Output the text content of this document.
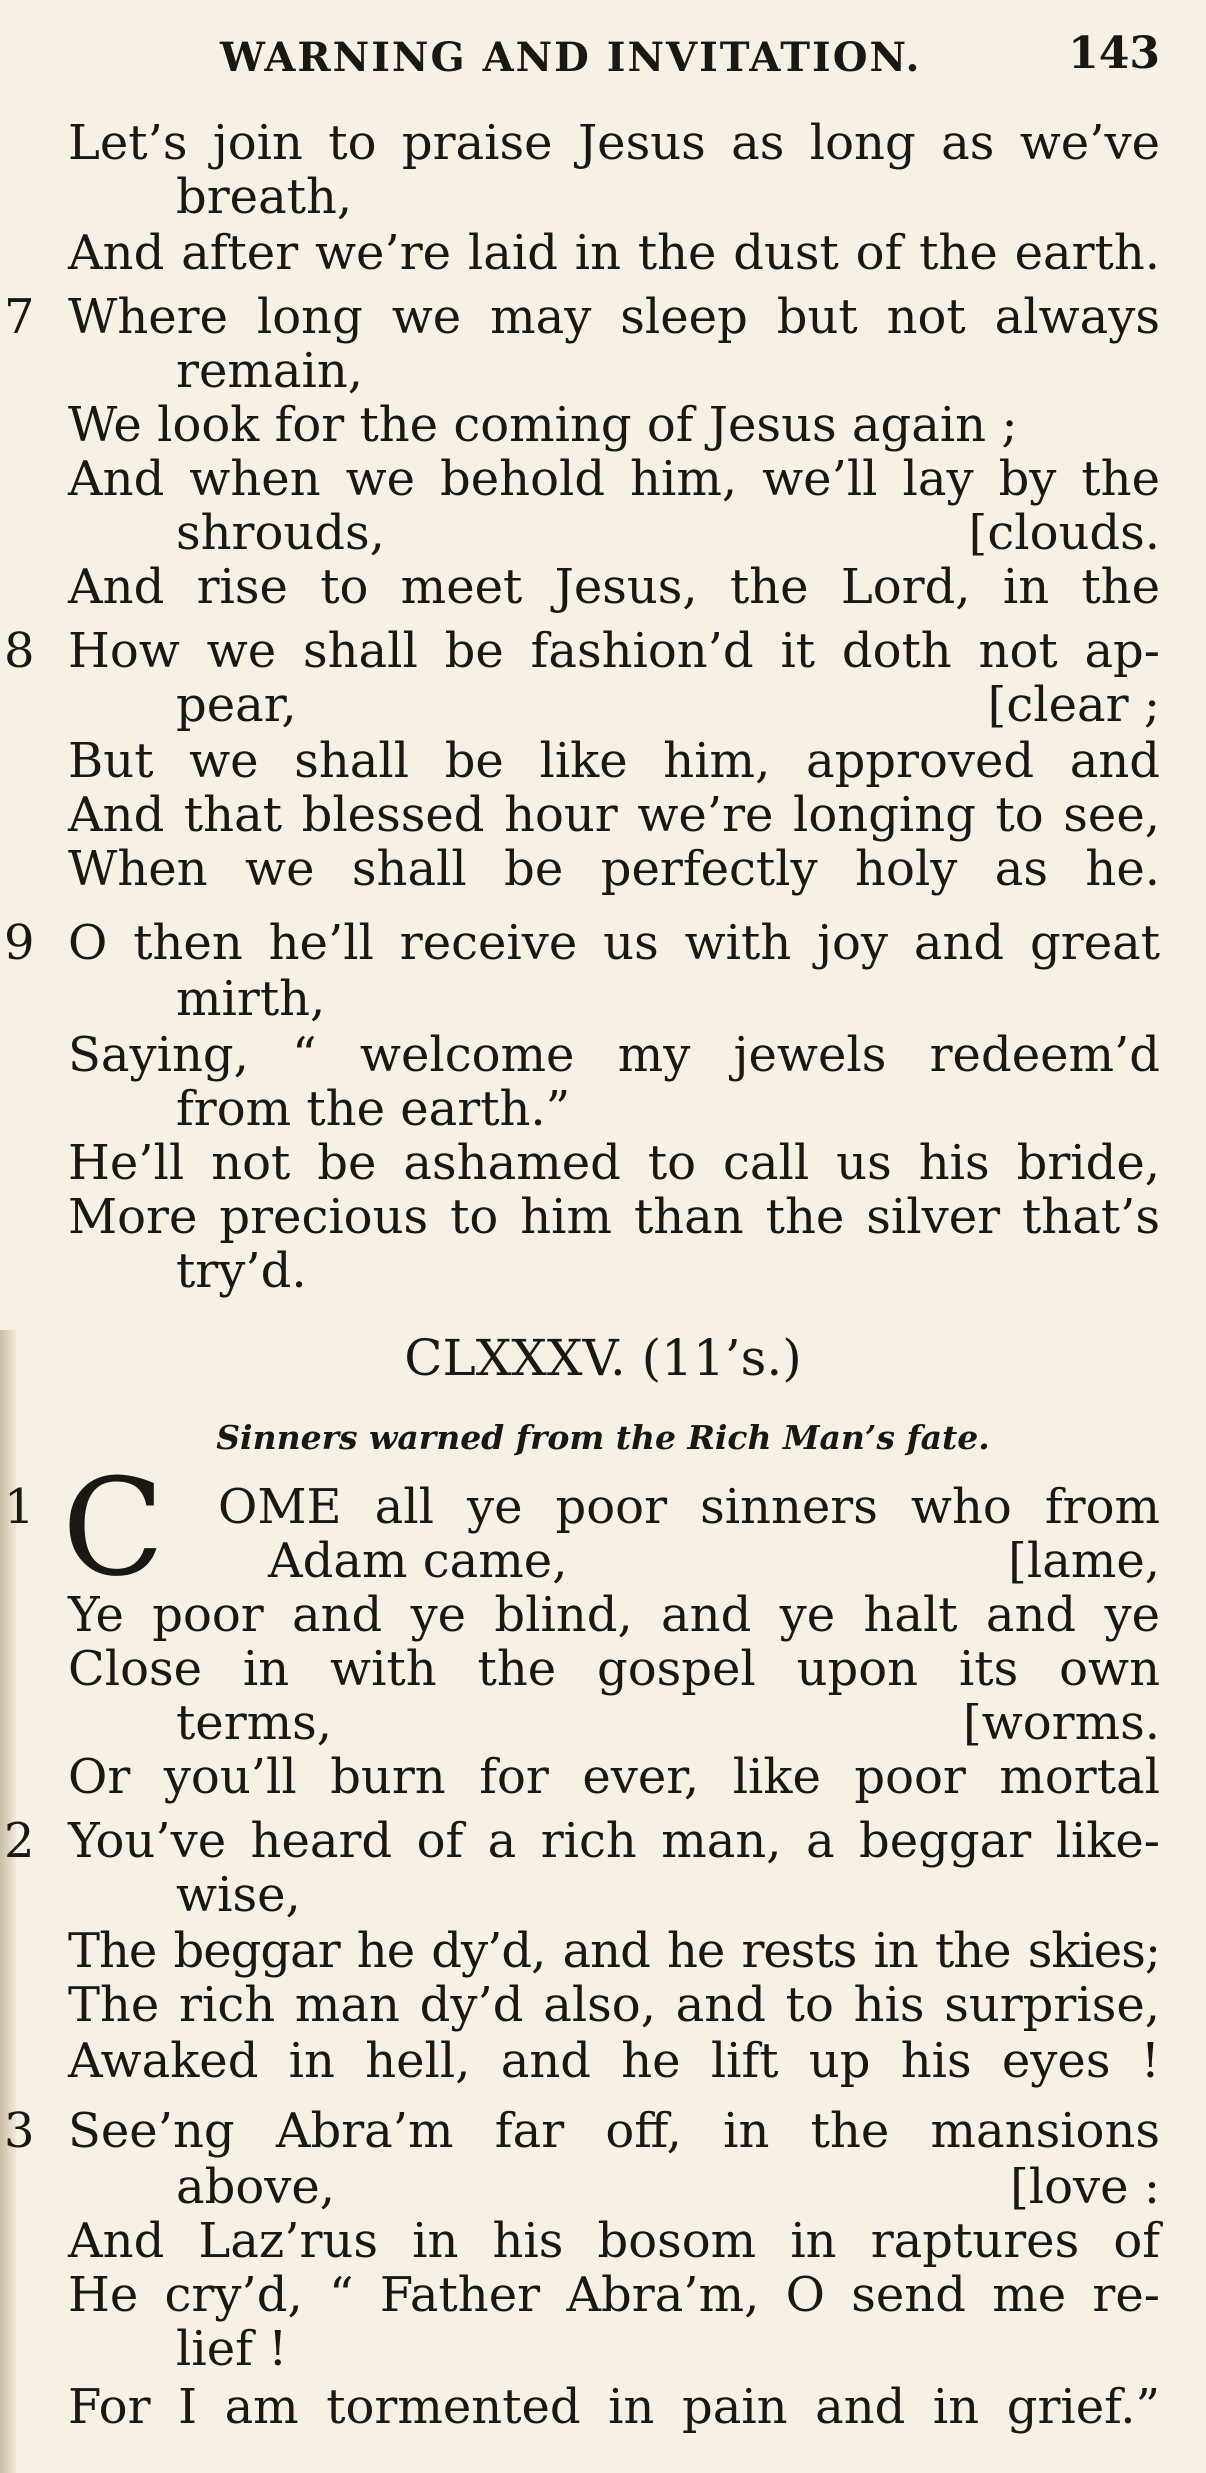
WARNING AND INVITATION.	143
Let’s join to praise Jesus as long as we’ve
breath,
And after we’re laid in the dust of the earth.
7 Where long we may sleep but not always
remain,
We look for the coming of Jesus again ;
And when we behold him, we’ll lay by the
shrouds,	[clouds.
And rise to meet Jesus, the Lord, in the
8 How we shall be fashion’d it doth not ap-
pear,	[clear ;
But we shall be like him, approved and
And that blessed hour we’re longing to see,
When we shall be perfectly holy as he.
9 O then he’ll receive us with joy and great
mirth,
Saying, “ welcome my jewels redeem’d
from the earth.”
He’ll not be ashamed to call us his bride,
More precious to him than the silver that’s
try’d.
CLXXXV. (11’s.)
Sinners warned from the Rich Man’s fate.
1 C	OME all ye poor sinners who from
Adam came,	[lame,
Ye poor and ye blind, and ye halt and ye
Close in with the gospel upon its own
terms,	[worms.
Or you’ll burn for ever, like poor mortal
2 You’ve heard of a rich man, a beggar like-
wise,
The beggar he dy’d, and he rests in the skies;
The rich man dy’d also, and to his surprise,
Awaked in hell, and he lift up his eyes !
3 See’ng Abra’m far off, in the mansions
above,	[love :
And Laz’rus in his bosom in raptures of
He cry’d, “ Father Abra’m, O send me re-
lief !
For I am tormented in pain and in grief.”
